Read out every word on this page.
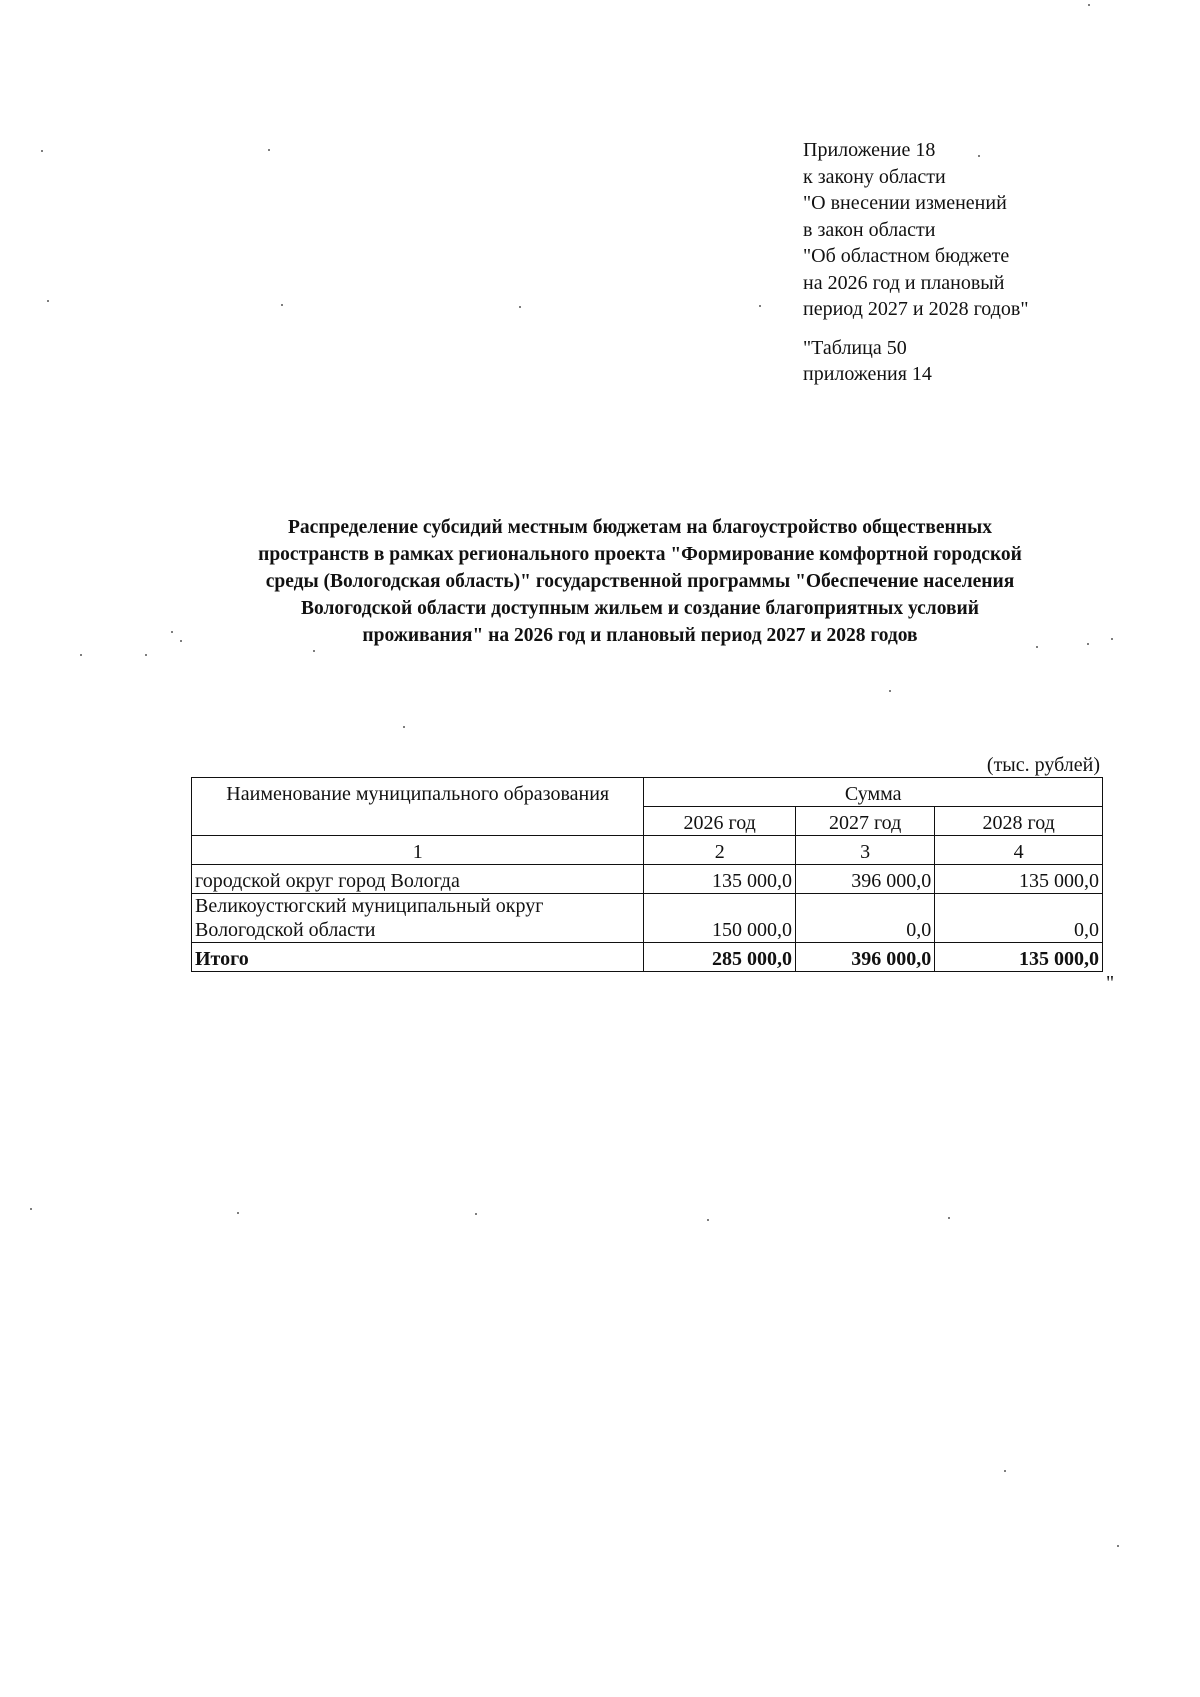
Приложение 18
к закону области
"О внесении изменений
в закон области
"Об областном бюджете
на 2026 год и плановый
период 2027 и 2028 годов"
"Таблица 50
приложения 14
Распределение субсидий местным бюджетам на благоустройство общественных
пространств в рамках регионального проекта "Формирование комфортной городской
среды (Вологодская область)" государственной программы "Обеспечение населения
Вологодской области доступным жильем и создание благоприятных условий
проживания" на 2026 год и плановый период 2027 и 2028 годов
(тыс. рублей)
Наименование муниципального образования	Сумма		
	2026 год	2027 год	2028 год
1	2	3	4
городской округ город Вологда	135 000,0	396 000,0	135 000,0

Великоустюгский муниципальный округ
Вологодской области	150 000,0	0,0	0,0
Итого	285 000,0	396 000,0	135 000,0
"
